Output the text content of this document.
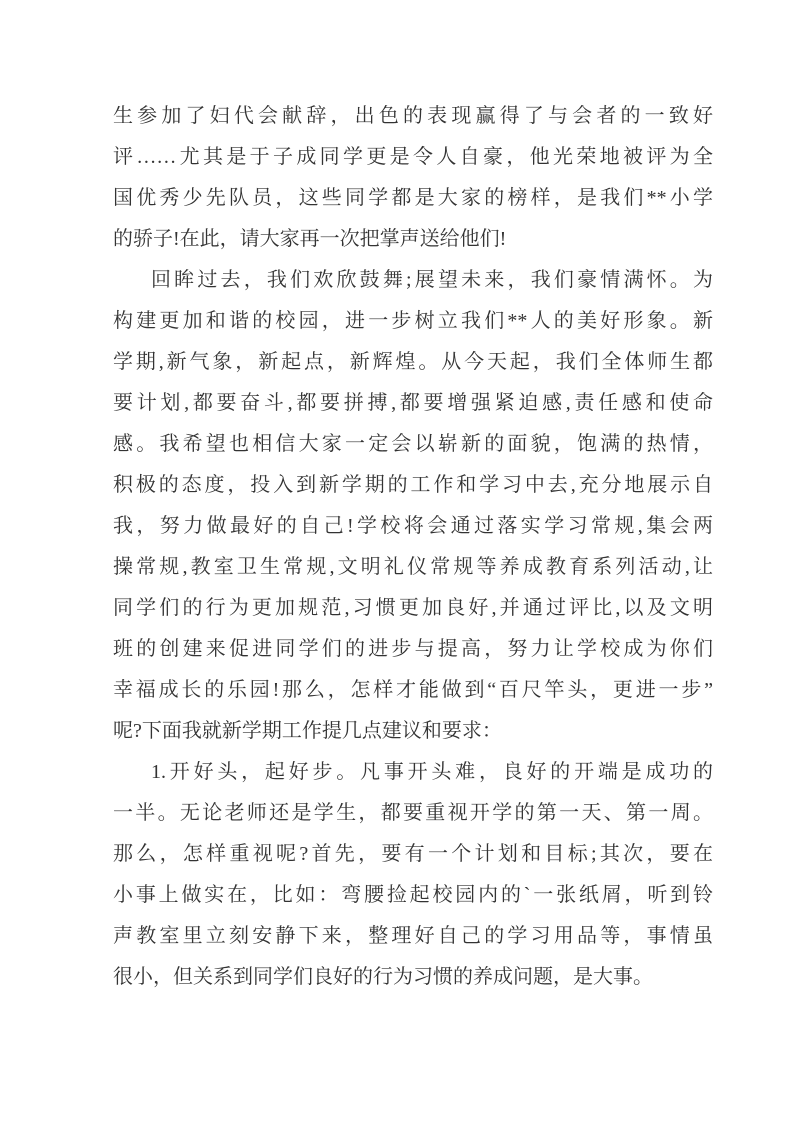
生参加了妇代会献辞，出色的表现赢得了与会者的一致好
评……尤其是于子成同学更是令人自豪，他光荣地被评为全
国优秀少先队员，这些同学都是大家的榜样，是我们**小学
的骄子!在此，请大家再一次把掌声送给他们!
回眸过去，我们欢欣鼓舞;展望未来，我们豪情满怀。为
构建更加和谐的校园，进一步树立我们**人的美好形象。新
学期,新气象，新起点，新辉煌。从今天起，我们全体师生都
要计划,都要奋斗,都要拼搏,都要增强紧迫感,责任感和使命
感。我希望也相信大家一定会以崭新的面貌，饱满的热情，
积极的态度，投入到新学期的工作和学习中去,充分地展示自
我，努力做最好的自己!学校将会通过落实学习常规,集会两
操常规,教室卫生常规,文明礼仪常规等养成教育系列活动,让
同学们的行为更加规范,习惯更加良好,并通过评比,以及文明
班的创建来促进同学们的进步与提高，努力让学校成为你们
幸福成长的乐园!那么，怎样才能做到“百尺竿头，更进一步”
呢?下面我就新学期工作提几点建议和要求：
1.开好头，起好步。凡事开头难，良好的开端是成功的
一半。无论老师还是学生，都要重视开学的第一天、第一周。
那么，怎样重视呢?首先，要有一个计划和目标;其次，要在
小事上做实在，比如：弯腰捡起校园内的`一张纸屑，听到铃
声教室里立刻安静下来，整理好自己的学习用品等，事情虽
很小，但关系到同学们良好的行为习惯的养成问题，是大事。
